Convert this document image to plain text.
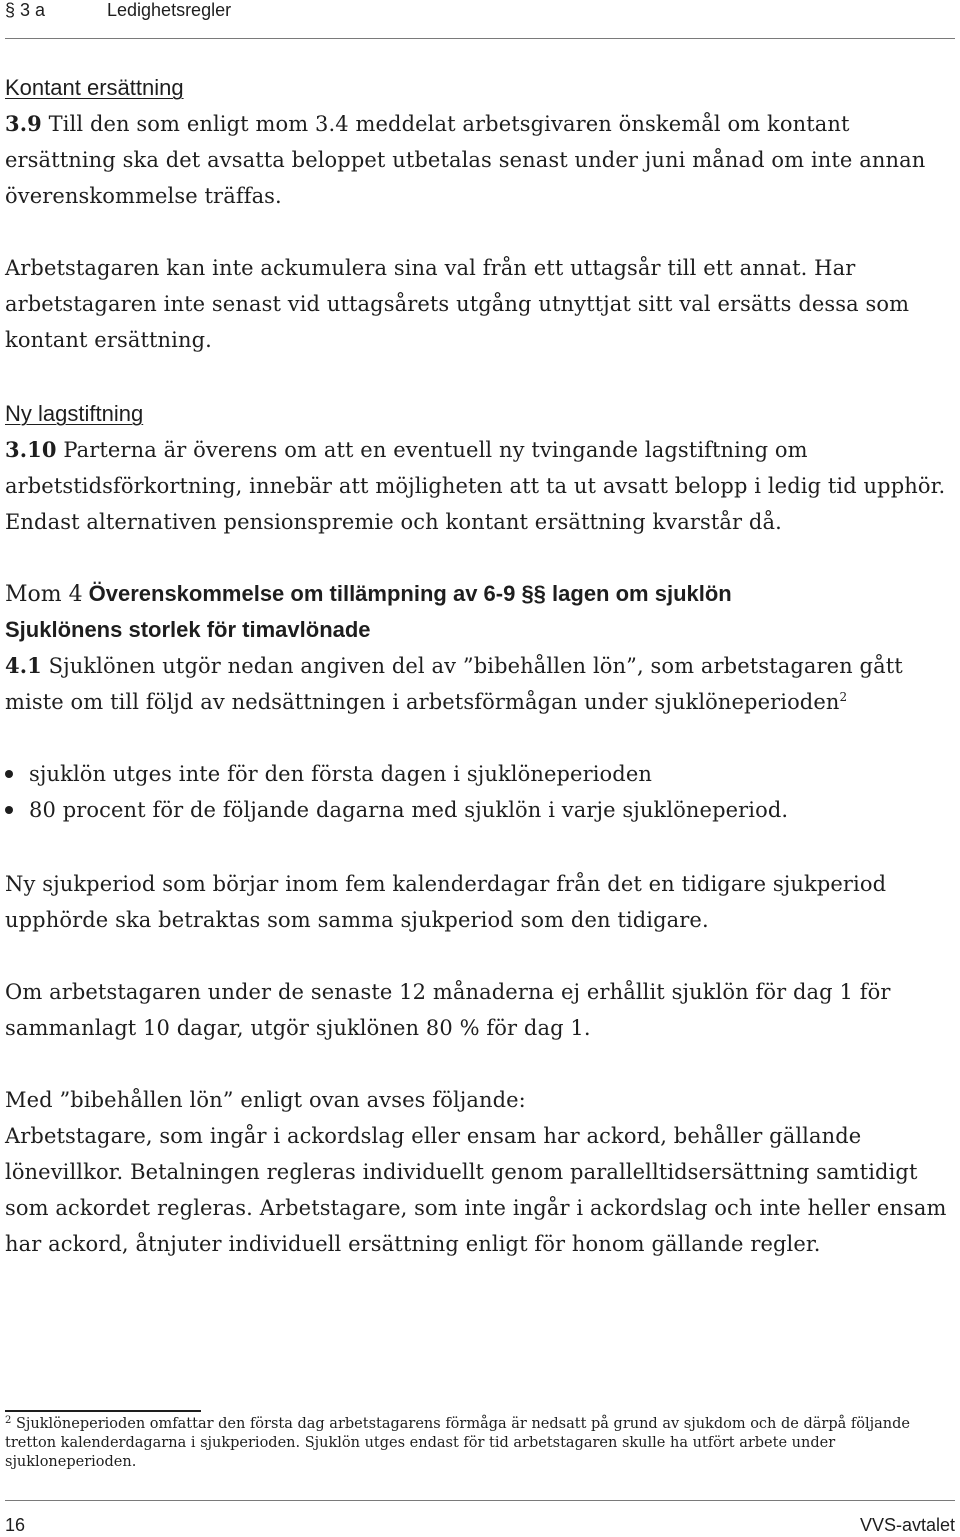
§ 3 a	Ledighetsregler
Kontant ersättning

3.9 Till den som enligt mom 3.4 meddelat arbetsgivaren önskemål om kontant ersättning ska det avsatta beloppet utbetalas senast under juni månad om inte annan överenskommelse träffas.

Arbetstagaren kan inte ackumulera sina val från ett uttagsår till ett annat. Har arbetstagaren inte senast vid uttagsårets utgång utnyttjat sitt val ersätts dessa som kontant ersättning.

Ny lagstiftning

3.10 Parterna är överens om att en eventuell ny tvingande lagstiftning om arbetstidsförkortning, innebär att möjligheten att ta ut avsatt belopp i ledig tid upphör. Endast alternativen pensionspremie och kontant ersättning kvarstår då.

Mom 4 Överenskommelse om tillämpning av 6-9 §§ lagen om sjuklön
Sjuklönens storlek för timavlönade

4.1 Sjuklönen utgör nedan angiven del av ”bibehållen lön”, som arbetstagaren gått miste om till följd av nedsättningen i arbetsförmågan under sjuklöneperioden$^2$

sjuklön utges inte för den första dagen i sjuklöneperioden
80 procent för de följande dagarna med sjuklön i varje sjuklöneperiod.

Ny sjukperiod som börjar inom fem kalenderdagar från det en tidigare sjukperiod upphörde ska betraktas som samma sjukperiod som den tidigare.

Om arbetstagaren under de senaste 12 månaderna ej erhållit sjuklön för dag 1 för sammanlagt 10 dagar, utgör sjuklönen 80 % för dag 1.

Med ”bibehållen lön” enligt ovan avses följande:
Arbetstagare, som ingår i ackordslag eller ensam har ackord, behåller gällande lönevillkor. Betalningen regleras individuellt genom parallelltidsersättning samtidigt som ackordet regleras. Arbetstagare, som inte ingår i ackordslag och inte heller ensam har ackord, åtnjuter individuell ersättning enligt för honom gällande regler.
$^2$ Sjuklöneperioden omfattar den första dag arbetstagarens förmåga är nedsatt på grund av sjukdom och de därpå följande tretton kalenderdagarna i sjukperioden. Sjuklön utges endast för tid arbetstagaren skulle ha utfört arbete under sjukloneperioden.
16	VVS-avtalet
